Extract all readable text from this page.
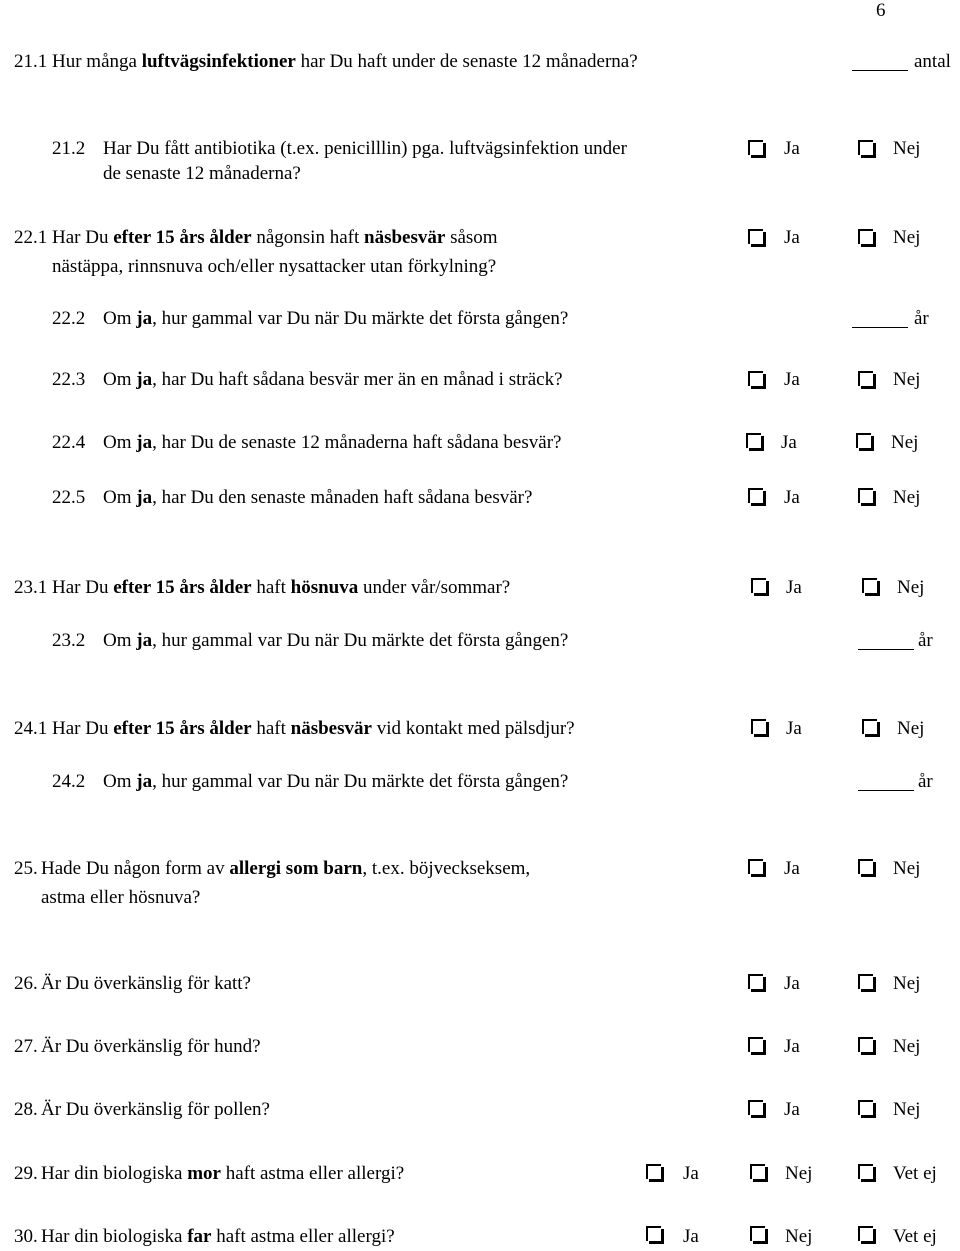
6
21.1 Hur många luftvägsinfektioner har Du haft under de senaste 12 månaderna?	antal
21.2 Har Du fått antibiotika (t.ex. penicilllin) pga. luftvägsinfektion under
de senaste 12 månaderna?
Ja	Nej
22.1 Har Du efter 15 års ålder någonsin haft näsbesvär såsom
nästäppa, rinnsnuva och/eller nysattacker utan förkylning?
Ja	Nej
22.2 Om ja, hur gammal var Du när Du märkte det första gången?	år
22.3 Om ja, har Du haft sådana besvär mer än en månad i sträck?	Ja	Nej
22.4 Om ja, har Du de senaste 12 månaderna haft sådana besvär?	Ja	Nej
22.5 Om ja, har Du den senaste månaden haft sådana besvär?	Ja	Nej
23.1 Har Du efter 15 års ålder haft hösnuva under vår/sommar?	Ja	Nej
23.2 Om ja, hur gammal var Du när Du märkte det första gången?	år
24.1 Har Du efter 15 års ålder haft näsbesvär vid kontakt med pälsdjur?	Ja	Nej
24.2 Om ja, hur gammal var Du när Du märkte det första gången?	år
25. Hade Du någon form av allergi som barn, t.ex. böjveckseksem,
astma eller hösnuva?
Ja	Nej
26. Är Du överkänslig för katt?	Ja	Nej
27. Är Du överkänslig för hund?	Ja	Nej
28. Är Du överkänslig för pollen?	Ja	Nej
29. Har din biologiska mor haft astma eller allergi?	Ja	Nej	Vet ej
30. Har din biologiska far haft astma eller allergi?	Ja	Nej	Vet ej
